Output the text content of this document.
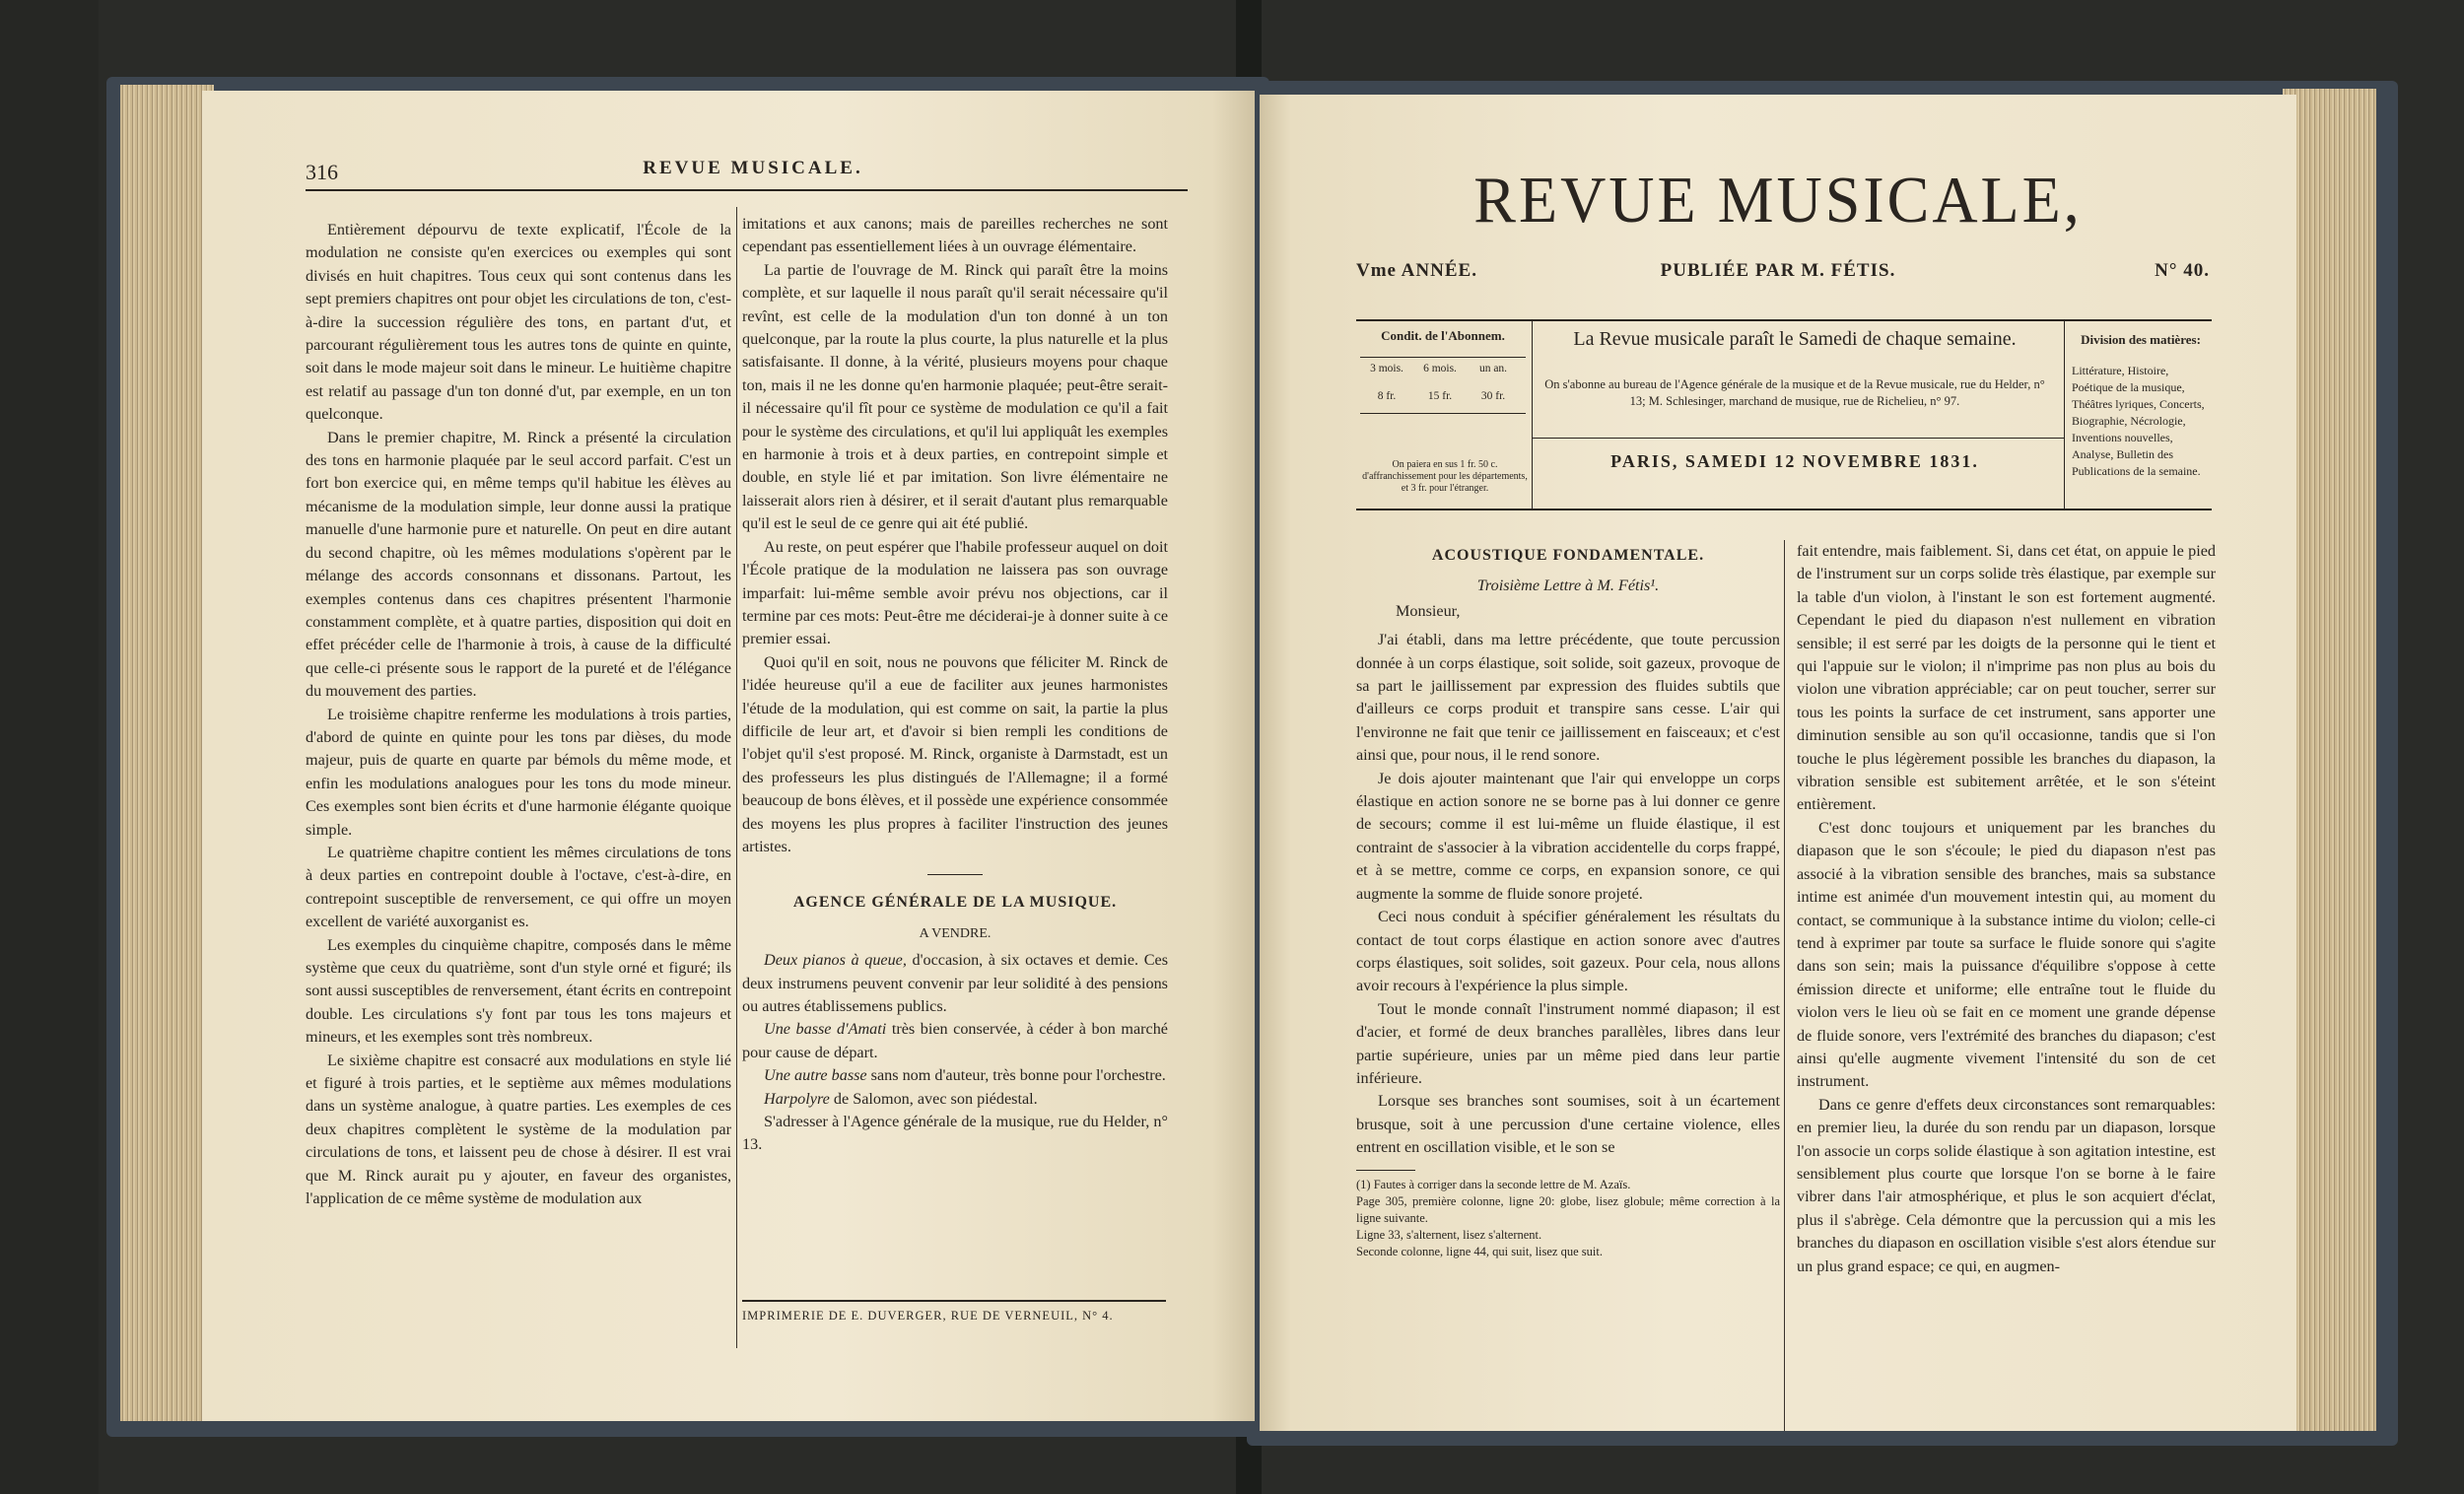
316	REVUE MUSICALE.

Entièrement dépourvu de texte explicatif, l'École de la modulation ne consiste qu'en exercices ou exemples qui sont divisés en huit chapitres. Tous ceux qui sont contenus dans les sept premiers chapitres ont pour objet les circulations de ton, c'est-à-dire la succession régulière des tons, en partant d'ut, et parcourant régulièrement tous les autres tons de quinte en quinte, soit dans le mode majeur soit dans le mineur. Le huitième chapitre est relatif au passage d'un ton donné d'ut, par exemple, en un ton quelconque.

Dans le premier chapitre, M. Rinck a présenté la circulation des tons en harmonie plaquée par le seul accord parfait. C'est un fort bon exercice qui, en même temps qu'il habitue les élèves au mécanisme de la modulation simple, leur donne aussi la pratique manuelle d'une harmonie pure et naturelle. On peut en dire autant du second chapitre, où les mêmes modulations s'opèrent par le mélange des accords consonnans et dissonans. Partout, les exemples contenus dans ces chapitres présentent l'harmonie constamment complète, et à quatre parties, disposition qui doit en effet précéder celle de l'harmonie à trois, à cause de la difficulté que celle-ci présente sous le rapport de la pureté et de l'élégance du mouvement des parties.

Le troisième chapitre renferme les modulations à trois parties, d'abord de quinte en quinte pour les tons par dièses, du mode majeur, puis de quarte en quarte par bémols du même mode, et enfin les modulations analogues pour les tons du mode mineur. Ces exemples sont bien écrits et d'une harmonie élégante quoique simple.

Le quatrième chapitre contient les mêmes circulations de tons à deux parties en contrepoint double à l'octave, c'est-à-dire, en contrepoint susceptible de renversement, ce qui offre un moyen excellent de variété auxorganist es.

Les exemples du cinquième chapitre, composés dans le même système que ceux du quatrième, sont d'un style orné et figuré; ils sont aussi susceptibles de renversement, étant écrits en contrepoint double. Les circulations s'y font par tous les tons majeurs et mineurs, et les exemples sont très nombreux.

Le sixième chapitre est consacré aux modulations en style lié et figuré à trois parties, et le septième aux mêmes modulations dans un système analogue, à quatre parties. Les exemples de ces deux chapitres complètent le système de la modulation par circulations de tons, et laissent peu de chose à désirer. Il est vrai que M. Rinck aurait pu y ajouter, en faveur des organistes, l'application de ce même système de modulation aux

imitations et aux canons; mais de pareilles recherches ne sont cependant pas essentiellement liées à un ouvrage élémentaire.

La partie de l'ouvrage de M. Rinck qui paraît être la moins complète, et sur laquelle il nous paraît qu'il serait nécessaire qu'il revînt, est celle de la modulation d'un ton donné à un ton quelconque, par la route la plus courte, la plus naturelle et la plus satisfaisante. Il donne, à la vérité, plusieurs moyens pour chaque ton, mais il ne les donne qu'en harmonie plaquée; peut-être serait-il nécessaire qu'il fît pour ce système de modulation ce qu'il a fait pour le système des circulations, et qu'il lui appliquât les exemples en harmonie à trois et à deux parties, en contrepoint simple et double, en style lié et par imitation. Son livre élémentaire ne laisserait alors rien à désirer, et il serait d'autant plus remarquable qu'il est le seul de ce genre qui ait été publié.

Au reste, on peut espérer que l'habile professeur auquel on doit l'École pratique de la modulation ne laissera pas son ouvrage imparfait: lui-même semble avoir prévu nos objections, car il termine par ces mots: Peut-être me déciderai-je à donner suite à ce premier essai.

Quoi qu'il en soit, nous ne pouvons que féliciter M. Rinck de l'idée heureuse qu'il a eue de faciliter aux jeunes harmonistes l'étude de la modulation, qui est comme on sait, la partie la plus difficile de leur art, et d'avoir si bien rempli les conditions de l'objet qu'il s'est proposé. M. Rinck, organiste à Darmstadt, est un des professeurs les plus distingués de l'Allemagne; il a formé beaucoup de bons élèves, et il possède une expérience consommée des moyens les plus propres à faciliter l'instruction des jeunes artistes.

AGENCE GÉNÉRALE DE LA MUSIQUE.
A VENDRE.

Deux pianos à queue, d'occasion, à six octaves et demie. Ces deux instrumens peuvent convenir par leur solidité à des pensions ou autres établissemens publics.

Une basse d'Amati très bien conservée, à céder à bon marché pour cause de départ.

Une autre basse sans nom d'auteur, très bonne pour l'orchestre.

Harpolyre de Salomon, avec son piédestal.

S'adresser à l'Agence générale de la musique, rue du Helder, n° 13.

IMPRIMERIE DE E. DUVERGER, RUE DE VERNEUIL, N° 4.
REVUE MUSICALE,
Vme ANNÉE.	PUBLIÉE PAR M. FÉTIS.	N° 40.
Condit. de l'Abonnem.
3 mois. 6 mois. un an.
8 fr.	15 fr.	30 fr.
On paiera en sus 1 fr. 50 c. d'affranchissement pour les départements, et 3 fr. pour l'étranger.
La Revue musicale paraît le Samedi de chaque semaine.
On s'abonne au bureau de l'Agence générale de la musique et de la Revue musicale, rue du Helder, n° 13; M. Schlesinger, marchand de musique, rue de Richelieu, n° 97.
PARIS, SAMEDI 12 NOVEMBRE 1831.
Division des matières:
Littérature, Histoire, Poétique de la musique, Théâtres lyriques, Concerts, Biographie, Nécrologie, Inventions nouvelles, Analyse, Bulletin des Publications de la semaine.
ACOUSTIQUE FONDAMENTALE.
Troisième Lettre à M. Fétis¹.

Monsieur,

J'ai établi, dans ma lettre précédente, que toute percussion donnée à un corps élastique, soit solide, soit gazeux, provoque de sa part le jaillissement par expression des fluides subtils que d'ailleurs ce corps produit et transpire sans cesse. L'air qui l'environne ne fait que tenir ce jaillissement en faisceaux; et c'est ainsi que, pour nous, il le rend sonore.

Je dois ajouter maintenant que l'air qui enveloppe un corps élastique en action sonore ne se borne pas à lui donner ce genre de secours; comme il est lui-même un fluide élastique, il est contraint de s'associer à la vibration accidentelle du corps frappé, et à se mettre, comme ce corps, en expansion sonore, ce qui augmente la somme de fluide sonore projeté.

Ceci nous conduit à spécifier généralement les résultats du contact de tout corps élastique en action sonore avec d'autres corps élastiques, soit solides, soit gazeux. Pour cela, nous allons avoir recours à l'expérience la plus simple.

Tout le monde connaît l'instrument nommé diapason; il est d'acier, et formé de deux branches parallèles, libres dans leur partie supérieure, unies par un même pied dans leur partie inférieure.

Lorsque ses branches sont soumises, soit à un écartement brusque, soit à une percussion d'une certaine violence, elles entrent en oscillation visible, et le son se

(1) Fautes à corriger dans la seconde lettre de M. Azaïs.

Page 305, première colonne, ligne 20: globe, lisez globule; même correction à la ligne suivante.

Ligne 33, s'alternent, lisez s'alternent.

Seconde colonne, ligne 44, qui suit, lisez que suit.

fait entendre, mais faiblement. Si, dans cet état, on appuie le pied de l'instrument sur un corps solide très élastique, par exemple sur la table d'un violon, à l'instant le son est fortement augmenté. Cependant le pied du diapason n'est nullement en vibration sensible; il est serré par les doigts de la personne qui le tient et qui l'appuie sur le violon; il n'imprime pas non plus au bois du violon une vibration appréciable; car on peut toucher, serrer sur tous les points la surface de cet instrument, sans apporter une diminution sensible au son qu'il occasionne, tandis que si l'on touche le plus légèrement possible les branches du diapason, la vibration sensible est subitement arrêtée, et le son s'éteint entièrement.

C'est donc toujours et uniquement par les branches du diapason que le son s'écoule; le pied du diapason n'est pas associé à la vibration sensible des branches, mais sa substance intime est animée d'un mouvement intestin qui, au moment du contact, se communique à la substance intime du violon; celle-ci tend à exprimer par toute sa surface le fluide sonore qui s'agite dans son sein; mais la puissance d'équilibre s'oppose à cette émission directe et uniforme; elle entraîne tout le fluide du violon vers le lieu où se fait en ce moment une grande dépense de fluide sonore, vers l'extrémité des branches du diapason; c'est ainsi qu'elle augmente vivement l'intensité du son de cet instrument.

Dans ce genre d'effets deux circonstances sont remarquables: en premier lieu, la durée du son rendu par un diapason, lorsque l'on associe un corps solide élastique à son agitation intestine, est sensiblement plus courte que lorsque l'on se borne à le faire vibrer dans l'air atmosphérique, et plus le son acquiert d'éclat, plus il s'abrège. Cela démontre que la percussion qui a mis les branches du diapason en oscillation visible s'est alors étendue sur un plus grand espace; ce qui, en augmen-
